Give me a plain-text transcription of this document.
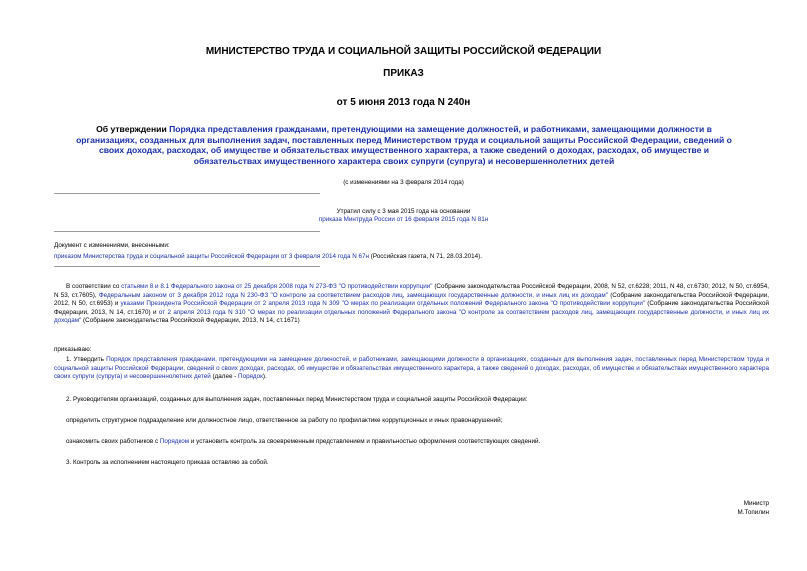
МИНИСТЕРСТВО ТРУДА И СОЦИАЛЬНОЙ ЗАЩИТЫ РОССИЙСКОЙ ФЕДЕРАЦИИ
ПРИКАЗ
от 5 июня 2013 года N 240н
Об утверждении Порядка представления гражданами, претендующими на замещение должностей, и работниками, замещающими должности в организациях, созданных для выполнения задач, поставленных перед Министерством труда и социальной защиты Российской Федерации, сведений о своих доходах, расходах, об имуществе и обязательствах имущественного характера, а также сведений о доходах, расходах, об имуществе и обязательствах имущественного характера своих супруги (супруга) и несовершеннолетних детей
(с изменениями на 3 февраля 2014 года)
Утратил силу с 3 мая 2015 года на основании
приказа Минтруда России от 16 февраля 2015 года N 81н
Документ с изменениями, внесенными:
приказом Министерства труда и социальной защиты Российской Федерации от 3 февраля 2014 года N 67н (Российская газета, N 71, 28.03.2014).
В соответствии со статьями 8 и 8.1 Федерального закона от 25 декабря 2008 года N 273-ФЗ "О противодействии коррупции" (Собрание законодательства Российской Федерации, 2008, N 52, ст.6228; 2011, N 48, ст.6730; 2012, N 50, ст.6954, N 53, ст.7605), Федеральным законом от 3 декабря 2012 года N 230-ФЗ "О контроле за соответствием расходов лиц, замещающих государственные должности, и иных лиц их доходам" (Собрание законодательства Российской Федерации, 2012, N 50, ст.6953) и указами Президента Российской Федерации от 2 апреля 2013 года N 309 "О мерах по реализации отдельных положений Федерального закона "О противодействии коррупции" (Собрание законодательства Российской Федерации, 2013, N 14, ст.1670) и от 2 апреля 2013 года N 310 "О мерах по реализации отдельных положений Федерального закона "О контроле за соответствием расходов лиц, замещающих государственные должности, и иных лиц их доходам" (Собрание законодательства Российской Федерации, 2013, N 14, ст.1671)
приказываю:
1. Утвердить Порядок представления гражданами, претендующими на замещение должностей, и работниками, замещающими должности в организациях, созданных для выполнения задач, поставленных перед Министерством труда и социальной защиты Российской Федерации, сведений о своих доходах, расходах, об имуществе и обязательствах имущественного характера, а также сведений о доходах, расходах, об имуществе и обязательствах имущественного характера своих супруги (супруга) и несовершеннолетних детей (далее - Порядок).
2. Руководителям организаций, созданных для выполнения задач, поставленных перед Министерством труда и социальной защиты Российской Федерации:
определить структурное подразделение или должностное лицо, ответственное за работу по профилактике коррупционных и иных правонарушений;
ознакомить своих работников с Порядком и установить контроль за своевременным представлением и правильностью оформления соответствующих сведений.
3. Контроль за исполнением настоящего приказа оставляю за собой.
Министр
М.Топилин
